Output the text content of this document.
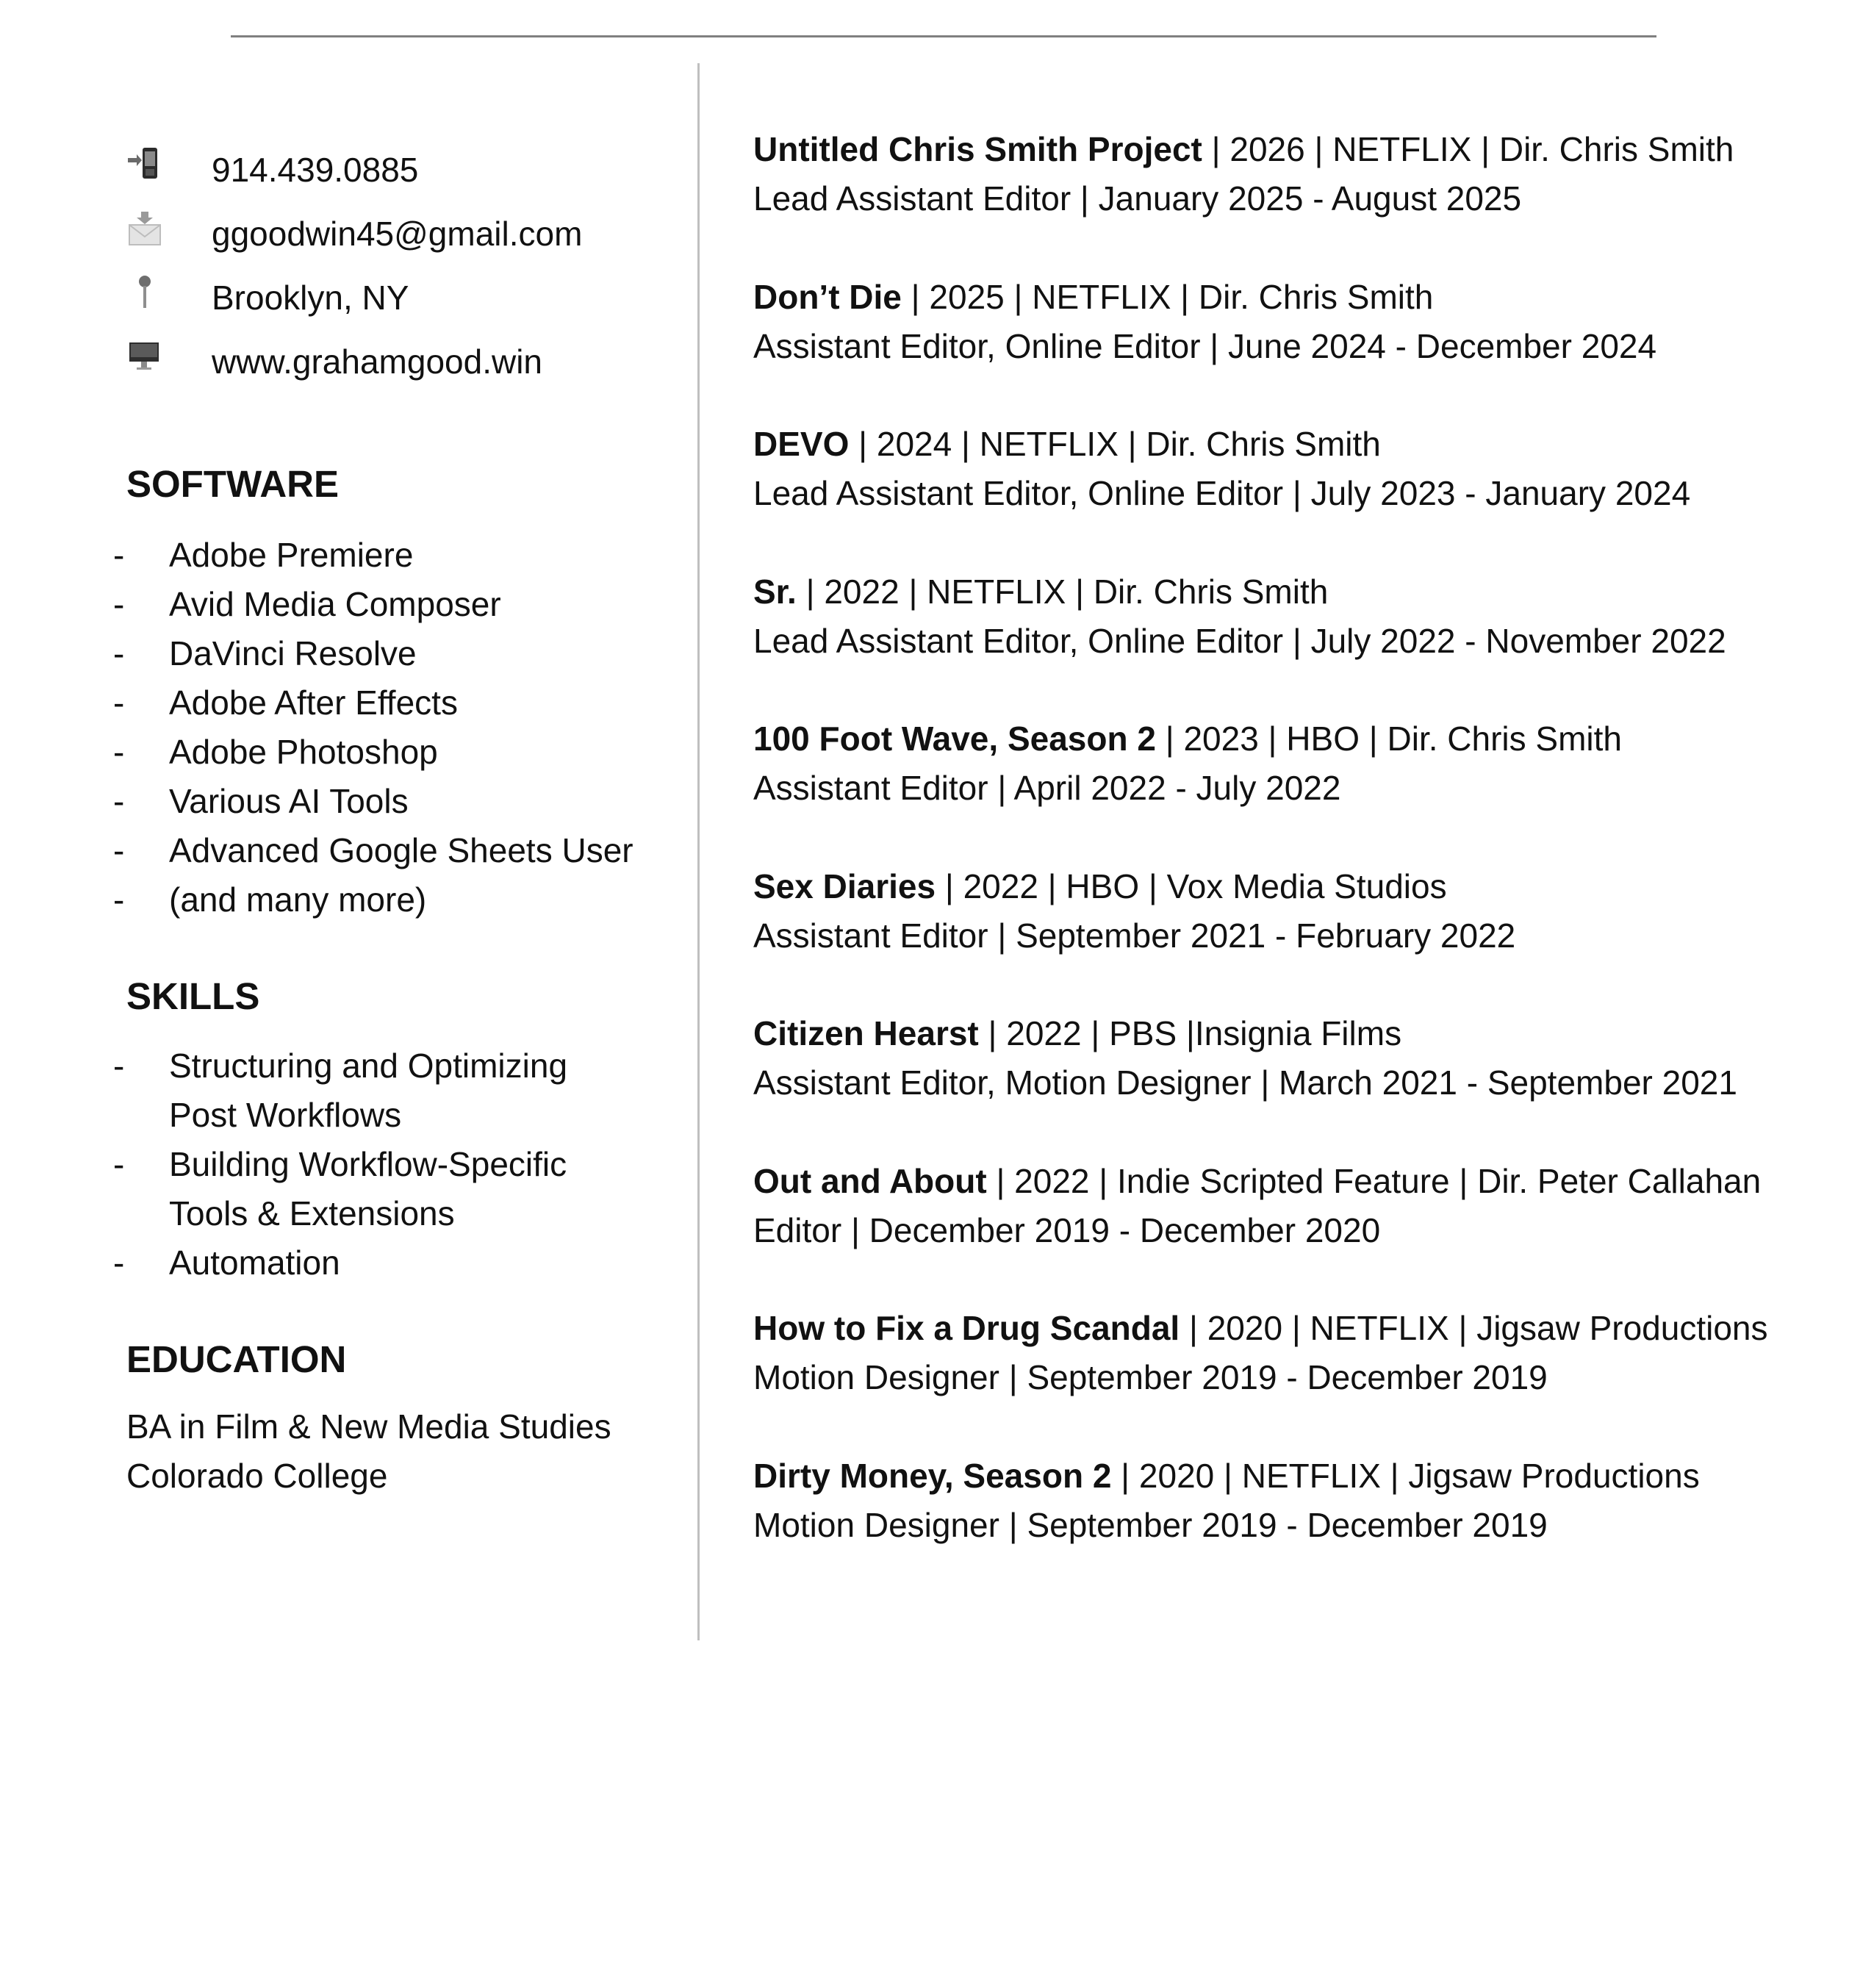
914.439.0885
ggoodwin45@gmail.com
Brooklyn, NY
www.grahamgood.win
SOFTWARE
- Adobe Premiere
- Avid Media Composer
- DaVinci Resolve
- Adobe After Effects
- Adobe Photoshop
- Various AI Tools
- Advanced Google Sheets User
- (and many more)
SKILLS
- Structuring and Optimizing
Post Workflows
- Building Workflow-Specific
Tools & Extensions
- Automation
EDUCATION
BA in Film & New Media Studies
Colorado College
Untitled Chris Smith Project | 2026 | NETFLIX | Dir. Chris Smith
Lead Assistant Editor | January 2025 - August 2025
Don’t Die | 2025 | NETFLIX | Dir. Chris Smith
Assistant Editor, Online Editor | June 2024 - December 2024
DEVO | 2024 | NETFLIX | Dir. Chris Smith
Lead Assistant Editor, Online Editor | July 2023 - January 2024
Sr. | 2022 | NETFLIX | Dir. Chris Smith
Lead Assistant Editor, Online Editor | July 2022 - November 2022
100 Foot Wave, Season 2 | 2023 | HBO | Dir. Chris Smith
Assistant Editor | April 2022 - July 2022
Sex Diaries | 2022 | HBO | Vox Media Studios
Assistant Editor | September 2021 - February 2022
Citizen Hearst | 2022 | PBS |Insignia Films
Assistant Editor, Motion Designer | March 2021 - September 2021
Out and About | 2022 | Indie Scripted Feature | Dir. Peter Callahan
Editor | December 2019 - December 2020
How to Fix a Drug Scandal | 2020 | NETFLIX | Jigsaw Productions
Motion Designer | September 2019 - December 2019
Dirty Money, Season 2 | 2020 | NETFLIX | Jigsaw Productions
Motion Designer | September 2019 - December 2019
